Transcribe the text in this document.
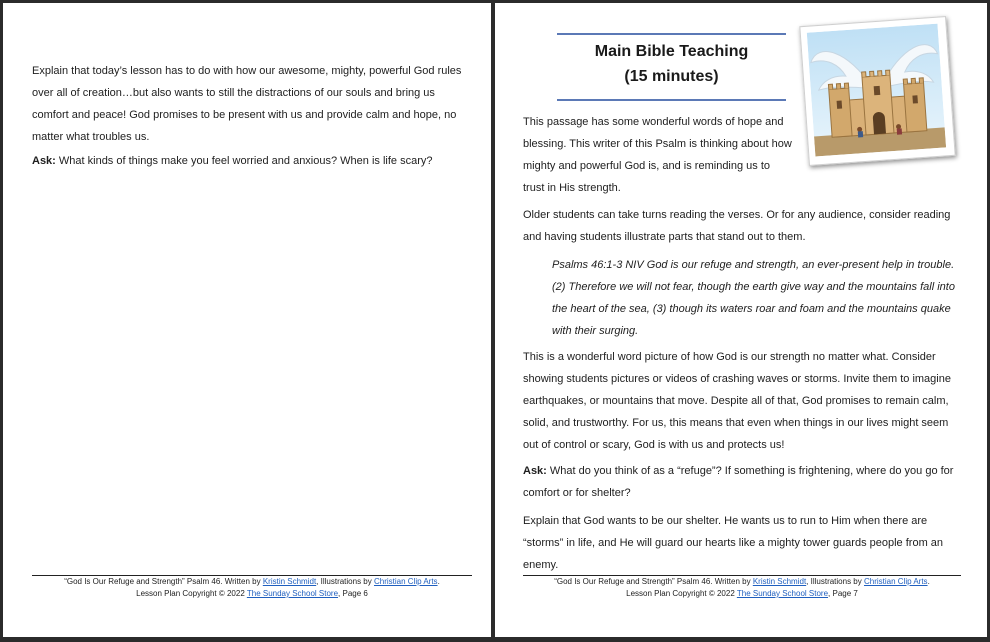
Explain that today’s lesson has to do with how our awesome, mighty, powerful God rules over all of creation…but also wants to still the distractions of our souls and bring us comfort and peace! God promises to be present with us and provide calm and hope, no matter what troubles us.

Ask: What kinds of things make you feel worried and anxious? When is life scary?

“God Is Our Refuge and Strength” Psalm 46. Written by Kristin Schmidt, Illustrations by Christian Clip Arts.
Lesson Plan Copyright © 2022 The Sunday School Store, Page 6
Main Bible Teaching
(15 minutes)

This passage has some wonderful words of hope and blessing. This writer of this Psalm is thinking about how mighty and powerful God is, and is reminding us to trust in His strength.

Older students can take turns reading the verses. Or for any audience, consider reading and having students illustrate parts that stand out to them.

Psalms 46:1-3 NIV God is our refuge and strength, an ever-present help in trouble. (2) Therefore we will not fear, though the earth give way and the mountains fall into the heart of the sea, (3) though its waters roar and foam and the mountains quake with their surging.

This is a wonderful word picture of how God is our strength no matter what. Consider showing students pictures or videos of crashing waves or storms. Invite them to imagine earthquakes, or mountains that move. Despite all of that, God promises to remain calm, solid, and trustworthy. For us, this means that even when things in our lives might seem out of control or scary, God is with us and protects us!

Ask: What do you think of as a “refuge”? If something is frightening, where do you go for comfort or for shelter?

Explain that God wants to be our shelter. He wants us to run to Him when there are “storms” in life, and He will guard our hearts like a mighty tower guards people from an enemy.

“God Is Our Refuge and Strength” Psalm 46. Written by Kristin Schmidt, Illustrations by Christian Clip Arts.
Lesson Plan Copyright © 2022 The Sunday School Store, Page 7
